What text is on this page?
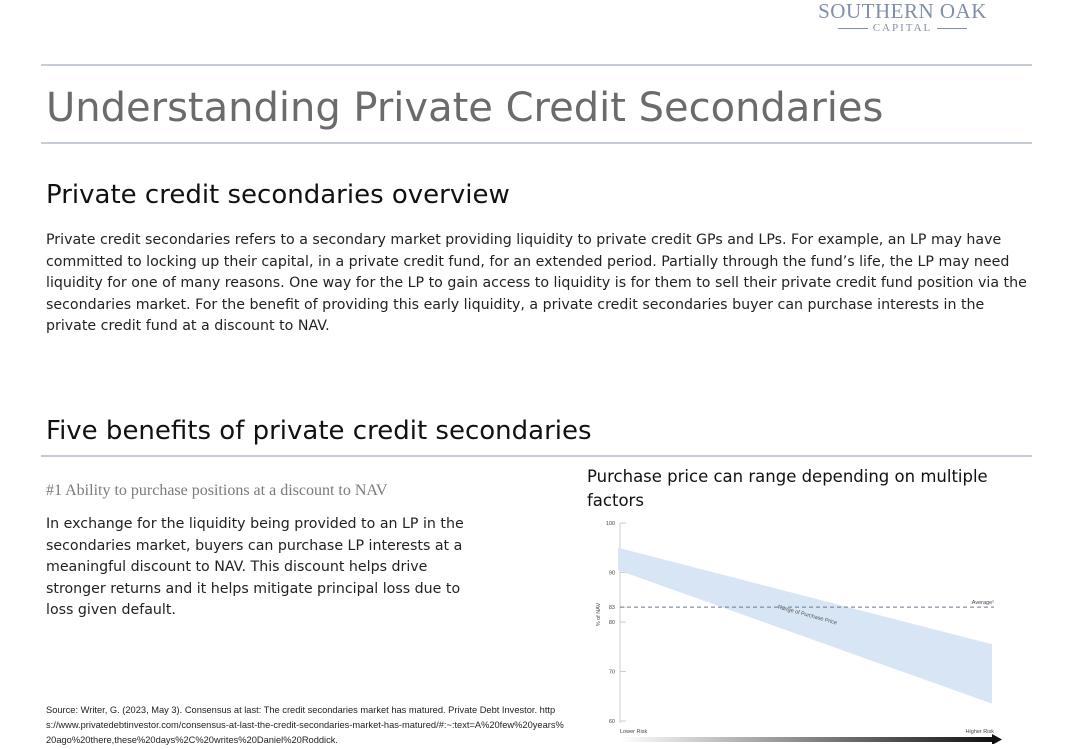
SOUTHERN OAK
CAPITAL
Understanding Private Credit Secondaries
Private credit secondaries overview

Private credit secondaries refers to a secondary market providing liquidity to private credit GPs and LPs. For example, an LP may have committed to locking up their capital, in a private credit fund, for an extended period. Partially through the fund’s life, the LP may need liquidity for one of many reasons. One way for the LP to gain access to liquidity is for them to sell their private credit fund position via the secondaries market. For the benefit of providing this early liquidity, a private credit secondaries buyer can purchase interests in the private credit fund at a discount to NAV.

Five benefits of private credit secondaries
#1 Ability to purchase positions at a discount to NAV

In exchange for the liquidity being provided to an LP in the secondaries market, buyers can purchase LP interests at a meaningful discount to NAV. This discount helps drive stronger returns and it helps mitigate principal loss due to loss given default.

Source: Writer, G. (2023, May 3). Consensus at last: The credit secondaries market has matured. Private Debt Investor. https://www.privatedebtinvestor.com/consensus-at-last-the-credit-secondaries-market-has-matured/#:~:text=A%20few%20years%20ago%20there,these%20days%2C%20writes%20Daniel%20Roddick.

Purchase price can range depending on multiple factors
100
90
83
80
70
60
% of NAV	Range of Purchase Price
Average¹
Lower Risk	Higher Risk
